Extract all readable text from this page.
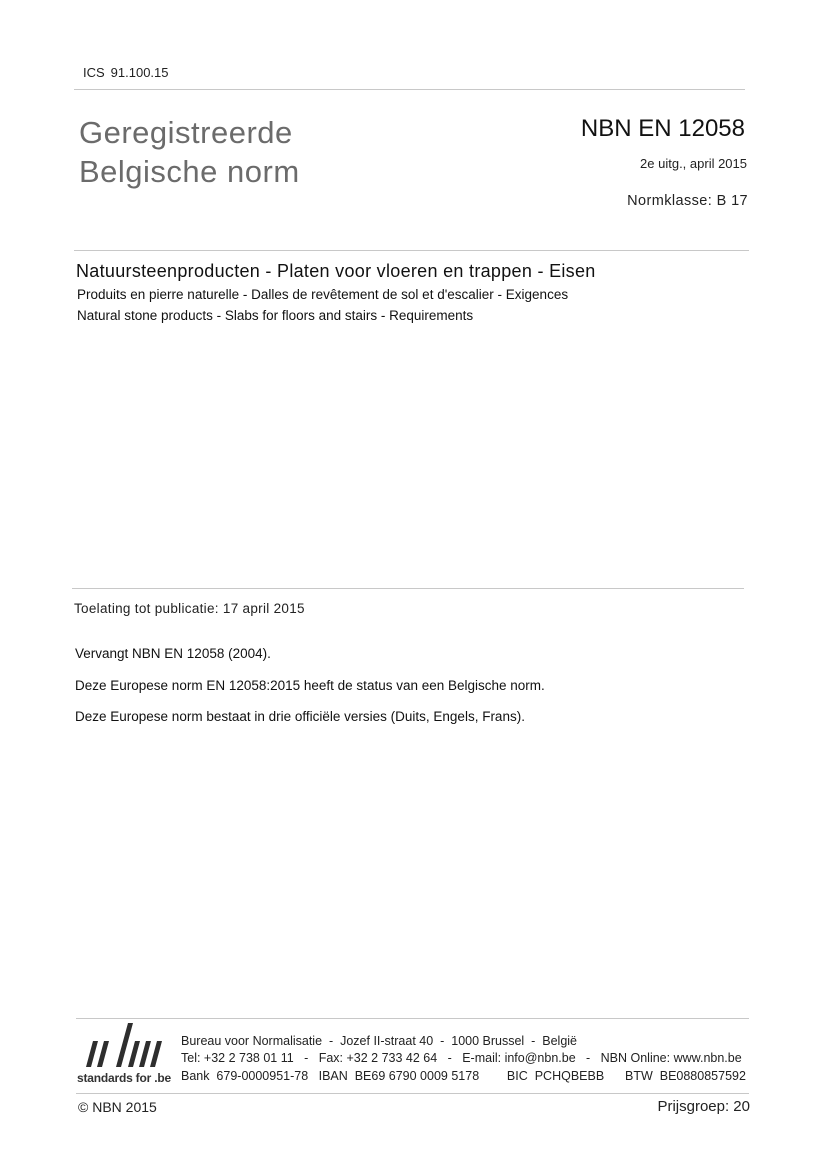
ICS 91.100.15
Geregistreerde
Belgische norm
NBN EN 12058
2e uitg., april 2015
Normklasse: B 17
Natuursteenproducten - Platen voor vloeren en trappen - Eisen
Produits en pierre naturelle - Dalles de revêtement de sol et d'escalier - Exigences
Natural stone products - Slabs for floors and stairs - Requirements
Toelating tot publicatie: 17 april 2015
Vervangt NBN EN 12058 (2004).
Deze Europese norm EN 12058:2015 heeft de status van een Belgische norm.
Deze Europese norm bestaat in drie officiële versies (Duits, Engels, Frans).
standards for .be
Bureau voor Normalisatie  -  Jozef II-straat 40  -  1000 Brussel  -  België
Tel: +32 2 738 01 11   -   Fax: +32 2 733 42 64   -   E-mail: info@nbn.be   -   NBN Online: www.nbn.be
Bank  679-0000951-78   IBAN  BE69 6790 0009 5178        BIC  PCHQBEBB      BTW  BE0880857592
© NBN 2015	Prijsgroep: 20
